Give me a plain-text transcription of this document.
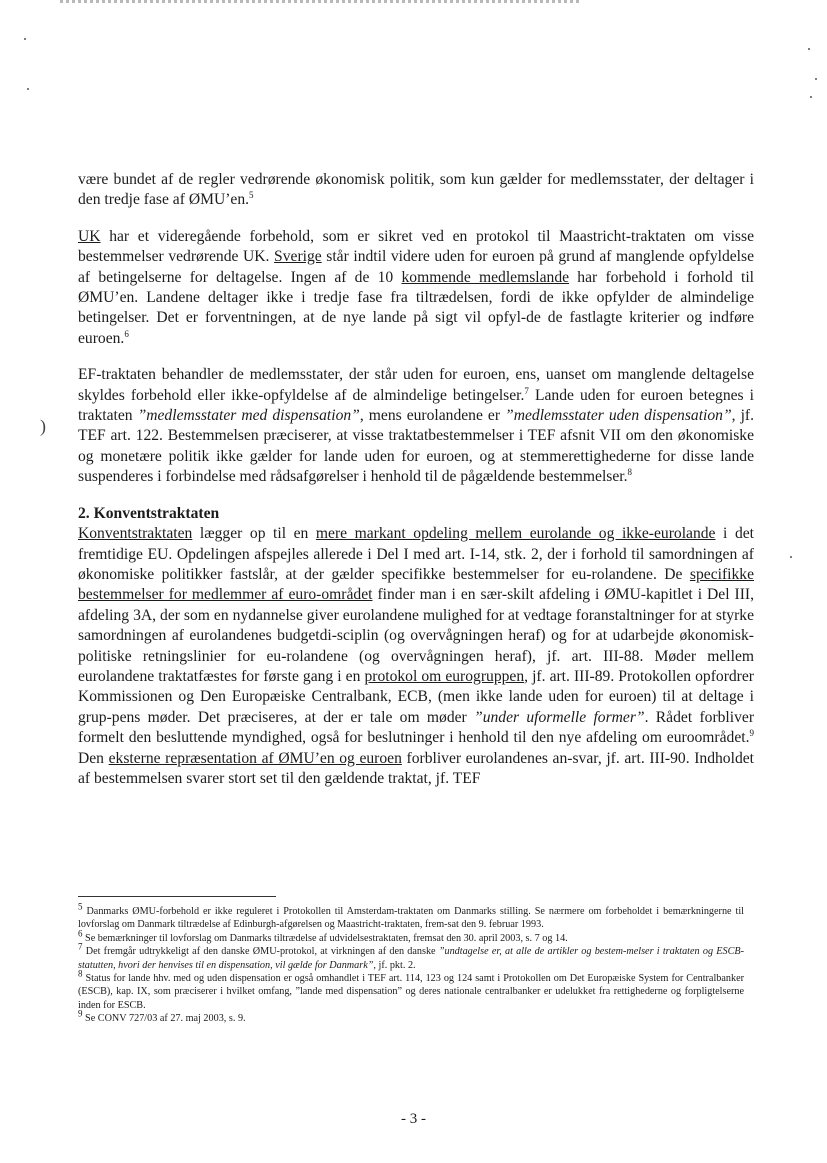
)

være bundet af de regler vedrørende økonomisk politik, som kun gælder for medlemsstater, der deltager i den tredje fase af ØMU’en.$^5$

UK har et videregående forbehold, som er sikret ved en protokol til Maastricht-traktaten om visse bestemmelser vedrørende UK. Sverige står indtil videre uden for euroen på grund af manglende opfyldelse af betingelserne for deltagelse. Ingen af de 10 kommende medlemslande har forbehold i forhold til ØMU’en. Landene deltager ikke i tredje fase fra tiltrædelsen, fordi de ikke opfylder de almindelige betingelser. Det er forventningen, at de nye lande på sigt vil opfyl-de de fastlagte kriterier og indføre euroen.$^6$

EF-traktaten behandler de medlemsstater, der står uden for euroen, ens, uanset om manglende deltagelse skyldes forbehold eller ikke-opfyldelse af de almindelige betingelser.$^7$ Lande uden for euroen betegnes i traktaten ”medlemsstater med dispensation”, mens eurolandene er ”medlemsstater uden dispensation”, jf. TEF art. 122. Bestemmelsen præciserer, at visse traktatbestemmelser i TEF afsnit VII om den økonomiske og monetære politik ikke gælder for lande uden for euroen, og at stemmerettighederne for disse lande suspenderes i forbindelse med rådsafgørelser i henhold til de pågældende bestemmelser.$^8$

2. Konventstraktaten

Konventstraktaten lægger op til en mere markant opdeling mellem eurolande og ikke-eurolande i det fremtidige EU. Opdelingen afspejles allerede i Del I med art. I-14, stk. 2, der i forhold til samordningen af økonomiske politikker fastslår, at der gælder specifikke bestemmelser for eu-rolandene. De specifikke bestemmelser for medlemmer af euro-området finder man i en sær-skilt afdeling i ØMU-kapitlet i Del III, afdeling 3A, der som en nydannelse giver eurolandene mulighed for at vedtage foranstaltninger for at styrke samordningen af eurolandenes budgetdi-sciplin (og overvågningen heraf) og for at udarbejde økonomisk-politiske retningslinier for eu-rolandene (og overvågningen heraf), jf. art. III-88. Møder mellem eurolandene traktatfæstes for første gang i en protokol om eurogruppen, jf. art. III-89. Protokollen opfordrer Kommissionen og Den Europæiske Centralbank, ECB, (men ikke lande uden for euroen) til at deltage i grup-pens møder. Det præciseres, at der er tale om møder ”under uformelle former”. Rådet forbliver formelt den besluttende myndighed, også for beslutninger i henhold til den nye afdeling om euroområdet.$^9$ Den eksterne repræsentation af ØMU’en og euroen forbliver eurolandenes an-svar, jf. art. III-90. Indholdet af bestemmelsen svarer stort set til den gældende traktat, jf. TEF

$^5$ Danmarks ØMU-forbehold er ikke reguleret i Protokollen til Amsterdam-traktaten om Danmarks stilling. Se nærmere om forbeholdet i bemærkningerne til lovforslag om Danmark tiltrædelse af Edinburgh-afgørelsen og Maastricht-traktaten, frem-sat den 9. februar 1993.
$^6$ Se bemærkninger til lovforslag om Danmarks tiltrædelse af udvidelsestraktaten, fremsat den 30. april 2003, s. 7 og 14.
$^7$ Det fremgår udtrykkeligt af den danske ØMU-protokol, at virkningen af den danske ”undtagelse er, at alle de artikler og bestem-melser i traktaten og ESCB-statutten, hvori der henvises til en dispensation, vil gælde for Danmark”, jf. pkt. 2.
$^8$ Status for lande hhv. med og uden dispensation er også omhandlet i TEF art. 114, 123 og 124 samt i Protokollen om Det Europæiske System for Centralbanker (ESCB), kap. IX, som præciserer i hvilket omfang, ”lande med dispensation” og deres nationale centralbanker er udelukket fra rettighederne og forpligtelserne inden for ESCB.
$^9$ Se CONV 727/03 af 27. maj 2003, s. 9.
- 3 -
